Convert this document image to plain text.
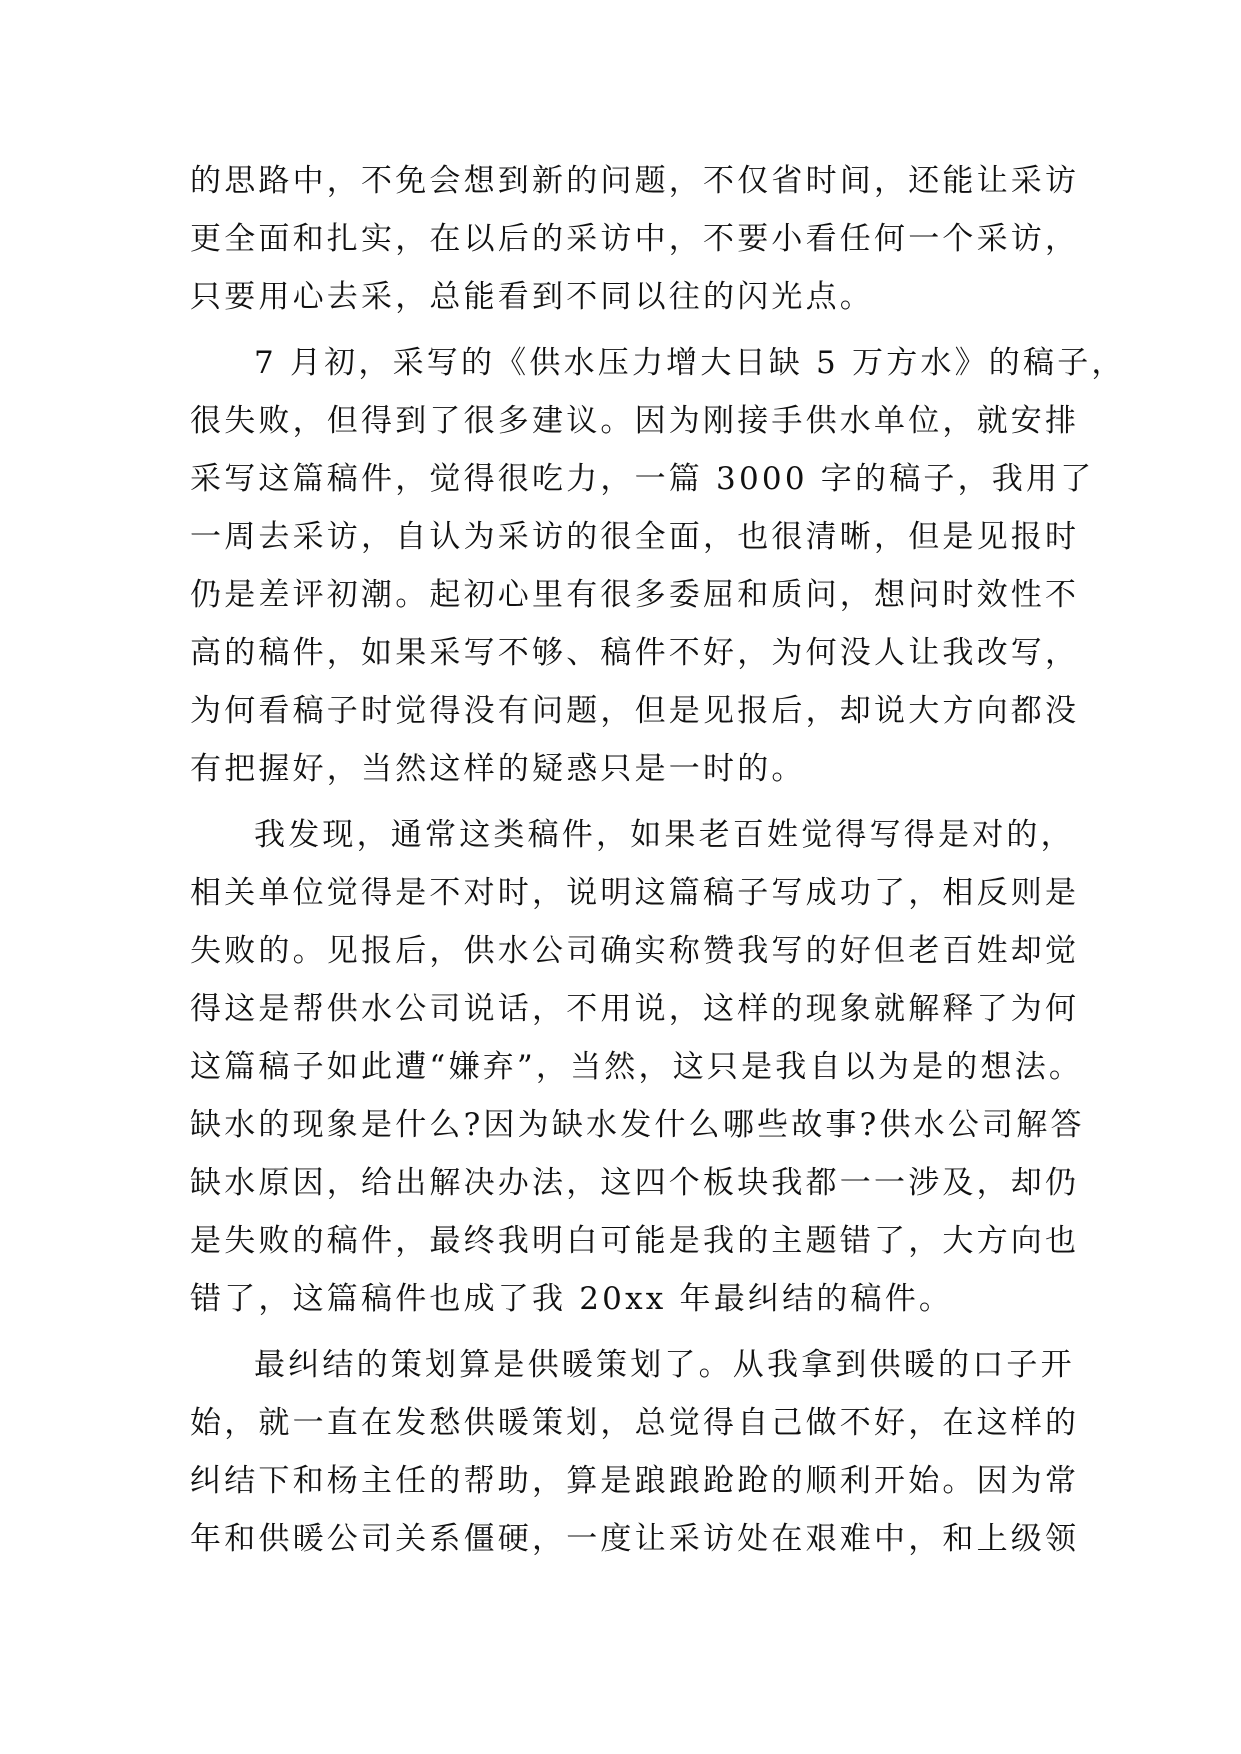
的思路中，不免会想到新的问题，不仅省时间，还能让采访
更全面和扎实，在以后的采访中，不要小看任何一个采访，
只要用心去采，总能看到不同以往的闪光点。
7 月初，采写的《供水压力增大日缺 5 万方水》的稿子，
很失败，但得到了很多建议。因为刚接手供水单位，就安排
采写这篇稿件，觉得很吃力，一篇 3000 字的稿子，我用了
一周去采访，自认为采访的很全面，也很清晰，但是见报时
仍是差评初潮。起初心里有很多委屈和质问，想问时效性不
高的稿件，如果采写不够、稿件不好，为何没人让我改写，
为何看稿子时觉得没有问题，但是见报后，却说大方向都没
有把握好，当然这样的疑惑只是一时的。
我发现，通常这类稿件，如果老百姓觉得写得是对的，
相关单位觉得是不对时，说明这篇稿子写成功了，相反则是
失败的。见报后，供水公司确实称赞我写的好但老百姓却觉
得这是帮供水公司说话，不用说，这样的现象就解释了为何
这篇稿子如此遭“嫌弃”，当然，这只是我自以为是的想法。
缺水的现象是什么?因为缺水发什么哪些故事?供水公司解答
缺水原因，给出解决办法，这四个板块我都一一涉及，却仍
是失败的稿件，最终我明白可能是我的主题错了，大方向也
错了，这篇稿件也成了我 20xx 年最纠结的稿件。
最纠结的策划算是供暖策划了。从我拿到供暖的口子开
始，就一直在发愁供暖策划，总觉得自己做不好，在这样的
纠结下和杨主任的帮助，算是踉踉跄跄的顺利开始。因为常
年和供暖公司关系僵硬，一度让采访处在艰难中，和上级领
